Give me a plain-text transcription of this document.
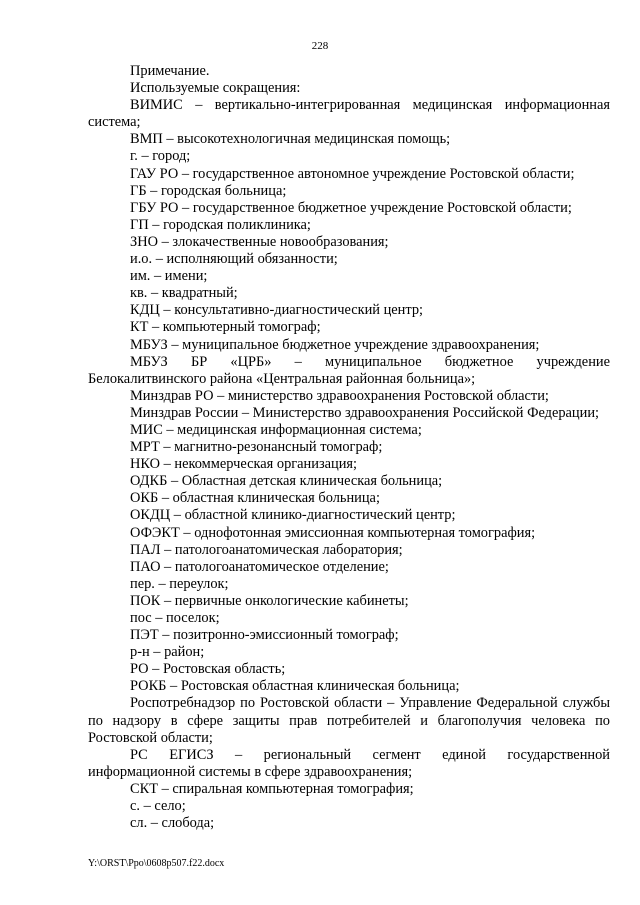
228

Примечание.

Используемые сокращения:

ВИМИС – вертикально-интегрированная медицинская информационная система;

ВМП – высокотехнологичная медицинская помощь;

г. – город;

ГАУ РО – государственное автономное учреждение Ростовской области;

ГБ – городская больница;

ГБУ РО – государственное бюджетное учреждение Ростовской области;

ГП – городская поликлиника;

ЗНО – злокачественные новообразования;

и.о. – исполняющий обязанности;

им. – имени;

кв. – квадратный;

КДЦ – консультативно-диагностический центр;

КТ – компьютерный томограф;

МБУЗ – муниципальное бюджетное учреждение здравоохранения;

МБУЗ БР «ЦРБ» – муниципальное бюджетное учреждение Белокалитвинского района «Центральная районная больница»;

Минздрав РО – министерство здравоохранения Ростовской области;

Минздрав России – Министерство здравоохранения Российской Федерации;

МИС – медицинская информационная система;

МРТ – магнитно-резонансный томограф;

НКО – некоммерческая организация;

ОДКБ – Областная детская клиническая больница;

ОКБ – областная клиническая больница;

ОКДЦ – областной клинико-диагностический центр;

ОФЭКТ – однофотонная эмиссионная компьютерная томография;

ПАЛ – патологоанатомическая лаборатория;

ПАО – патологоанатомическое отделение;

пер. – переулок;

ПОК – первичные онкологические кабинеты;

пос – поселок;

ПЭТ – позитронно-эмиссионный томограф;

р-н – район;

РО – Ростовская область;

РОКБ – Ростовская областная клиническая больница;

Роспотребнадзор по Ростовской области – Управление Федеральной службы по надзору в сфере защиты прав потребителей и благополучия человека по Ростовской области;

РС ЕГИСЗ – региональный сегмент единой государственной информационной системы в сфере здравоохранения;

СКТ – спиральная компьютерная томография;

с. – село;

сл. – слобода;

Y:\ORST\Ppo\0608p507.f22.docx
